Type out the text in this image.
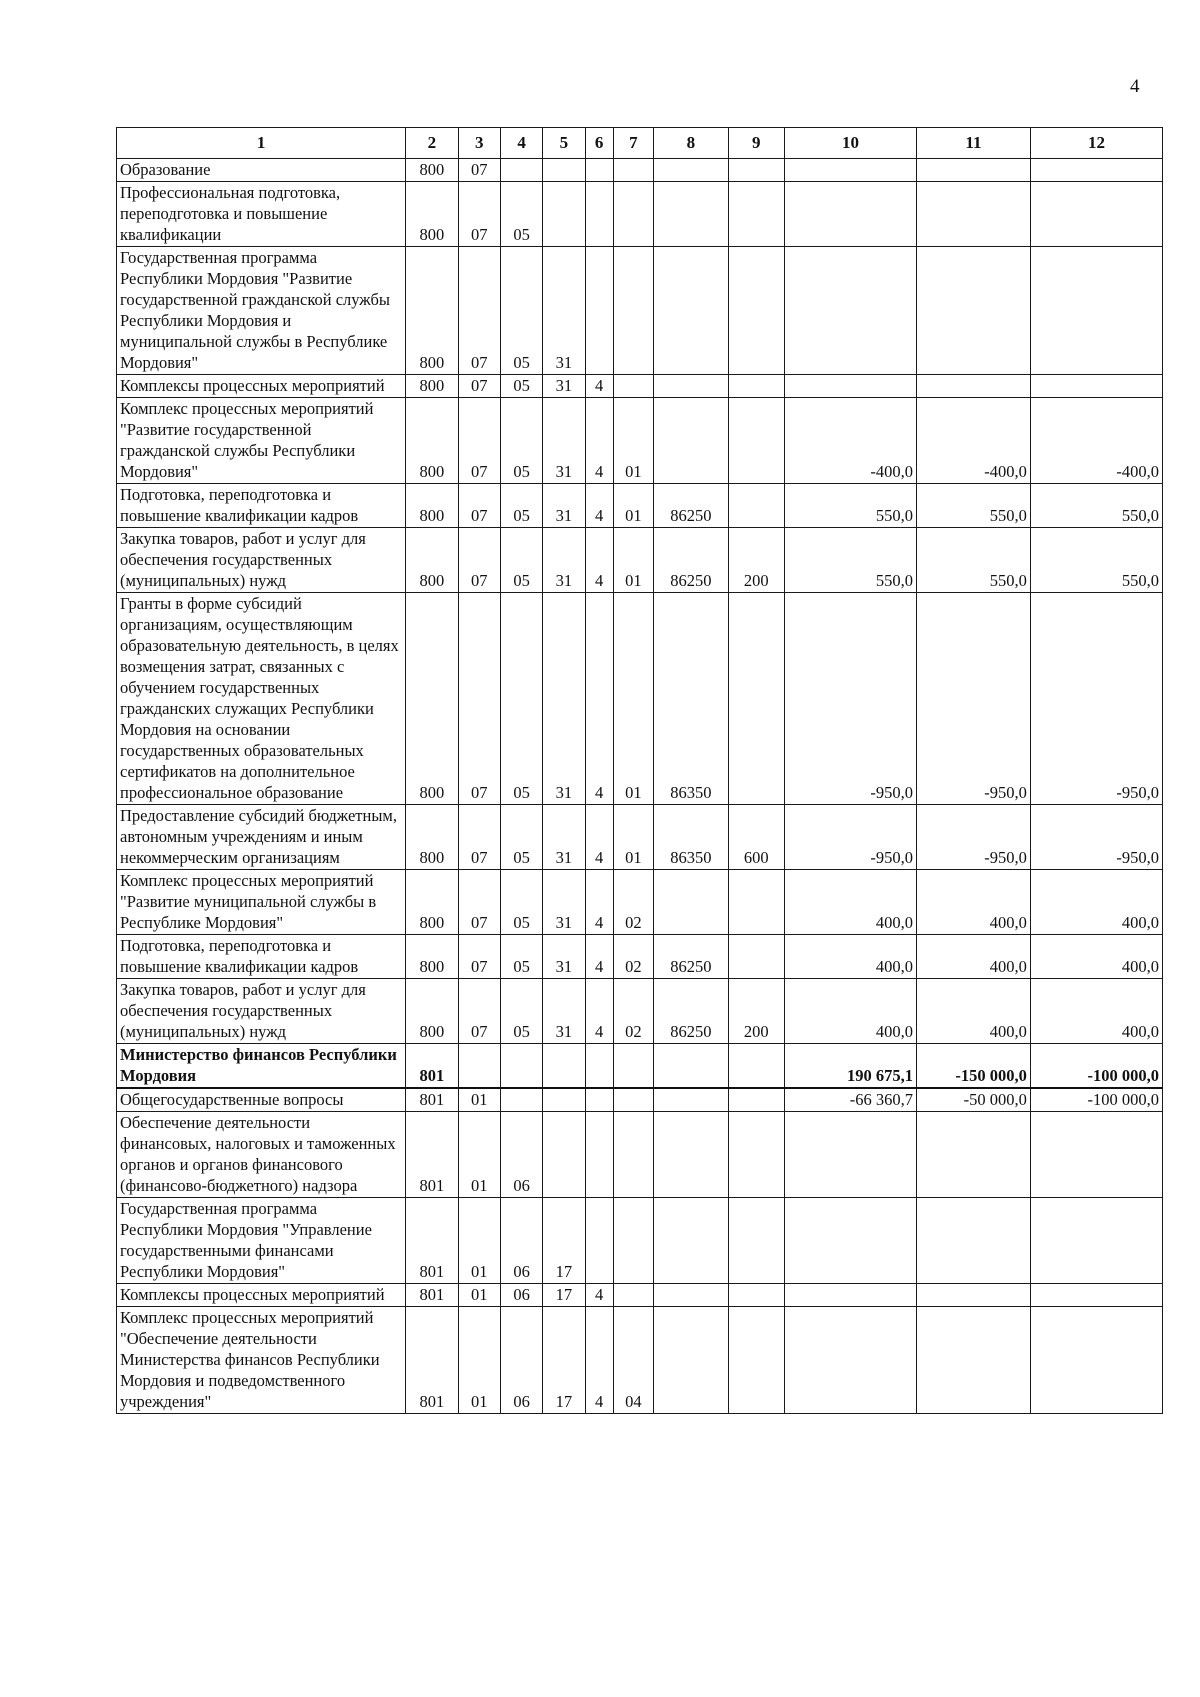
4
1	2	3	4	5	6	7	8	9	10	11	12
Образование	800	07									
Профессиональная подготовка, переподготовка и повышение квалификации	800	07	05								
Государственная программа Республики Мордовия "Развитие государственной гражданской службы Республики Мордовия и муниципальной службы в Республике Мордовия"	800	07	05	31							
Комплексы процессных мероприятий	800	07	05	31	4						
Комплекс процессных мероприятий "Развитие государственной гражданской службы Республики Мордовия"	800	07	05	31	4	01			-400,0	-400,0	-400,0
Подготовка, переподготовка и повышение квалификации кадров	800	07	05	31	4	01	86250		550,0	550,0	550,0
Закупка товаров, работ и услуг для обеспечения государственных (муниципальных) нужд	800	07	05	31	4	01	86250	200	550,0	550,0	550,0
Гранты в форме субсидий организациям, осуществляющим образовательную деятельность, в целях возмещения затрат, связанных с обучением государственных гражданских служащих Республики Мордовия на основании государственных образовательных сертификатов на дополнительное профессиональное образование	800	07	05	31	4	01	86350		-950,0	-950,0	-950,0
Предоставление субсидий бюджетным, автономным учреждениям и иным некоммерческим организациям	800	07	05	31	4	01	86350	600	-950,0	-950,0	-950,0
Комплекс процессных мероприятий "Развитие муниципальной службы в Республике Мордовия"	800	07	05	31	4	02			400,0	400,0	400,0
Подготовка, переподготовка и повышение квалификации кадров	800	07	05	31	4	02	86250		400,0	400,0	400,0
Закупка товаров, работ и услуг для обеспечения государственных (муниципальных) нужд	800	07	05	31	4	02	86250	200	400,0	400,0	400,0
Министерство финансов Республики Мордовия	801								190 675,1	-150 000,0	-100 000,0
Общегосударственные вопросы	801	01							-66 360,7	-50 000,0	-100 000,0
Обеспечение деятельности финансовых, налоговых и таможенных органов и органов финансового (финансово-бюджетного) надзора	801	01	06								
Государственная программа Республики Мордовия "Управление государственными финансами Республики Мордовия"	801	01	06	17							
Комплексы процессных мероприятий	801	01	06	17	4						
Комплекс процессных мероприятий "Обеспечение деятельности Министерства финансов Республики Мордовия и подведомственного учреждения"	801	01	06	17	4	04					
